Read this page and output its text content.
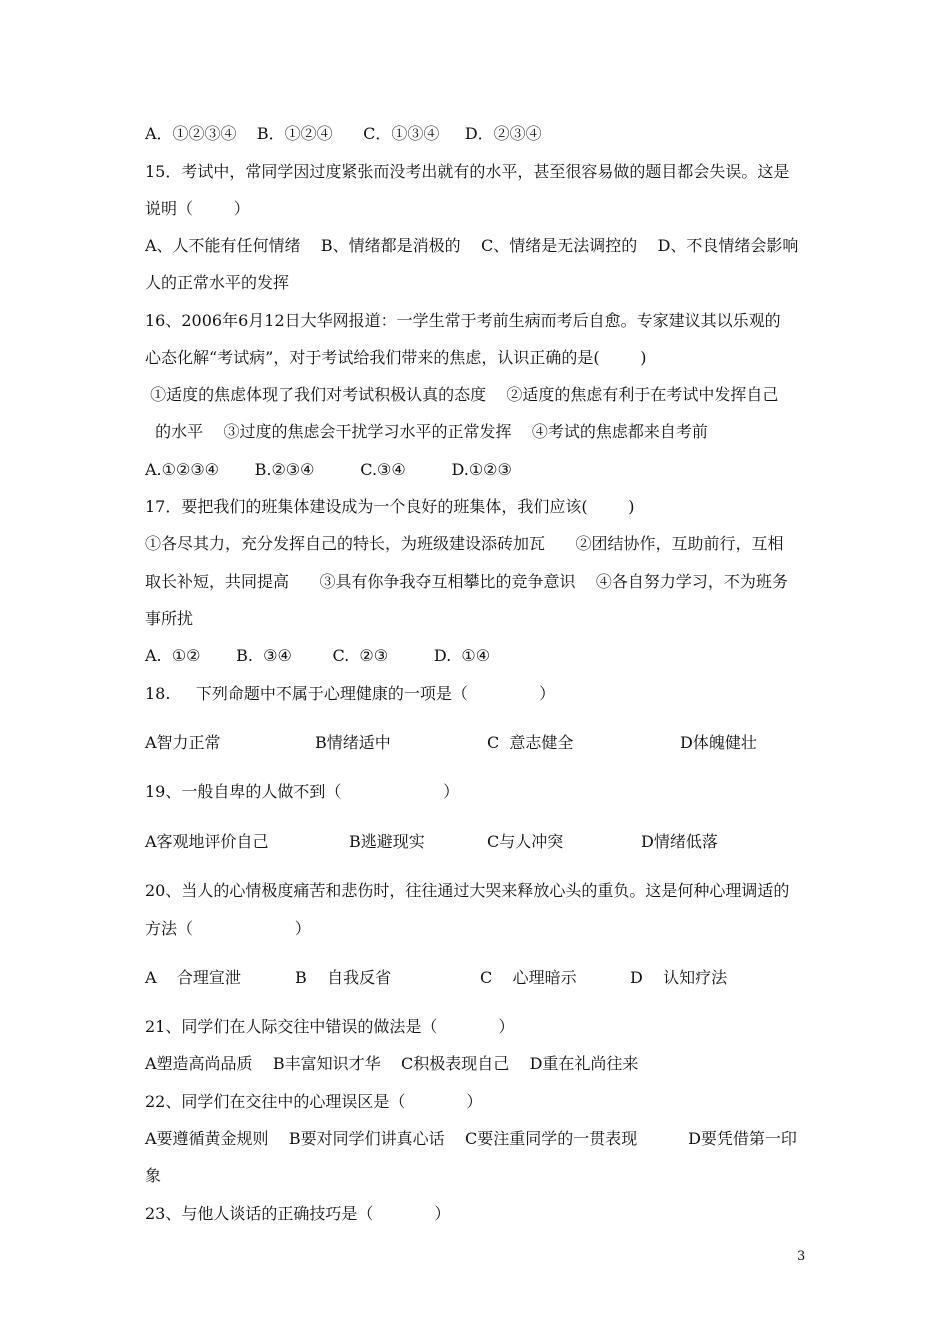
A．①②③④    B．①②④      C．①③④     D．②③④
15．考试中，常同学因过度紧张而没考出就有的水平，甚至很容易做的题目都会失误。这是
说明（        ）
A、人不能有任何情绪    B、情绪都是消极的    C、情绪是无法调控的    D、不良情绪会影响
人的正常水平的发挥
16、2006年6月12日大华网报道：一学生常于考前生病而考后自愈。专家建议其以乐观的
心态化解“考试病”，对于考试给我们带来的焦虑，认识正确的是(        )
①适度的焦虑体现了我们对考试积极认真的态度    ②适度的焦虑有利于在考试中发挥自己
的水平    ③过度的焦虑会干扰学习水平的正常发挥    ④考试的焦虑都来自考前
A.①②③④       B.②③④         C.③④         D.①②③
17．要把我们的班集体建设成为一个良好的班集体，我们应该(        )
①各尽其力，充分发挥自己的特长，为班级建设添砖加瓦      ②团结协作，互助前行，互相
取长补短，共同提高      ③具有你争我夺互相攀比的竞争意识    ④各自努力学习，不为班务
事所扰
A.  ①②       B.  ③④        C.  ②③         D.  ①④
18.     下列命题中不属于心理健康的一项是（              ）
A智力正常	B情绪适中	C  意志健全	D体魄健壮
19、一般自卑的人做不到（                    ）
A客观地评价自己	B逃避现实	C与人冲突	D情绪低落
20、当人的心情极度痛苦和悲伤时，往往通过大哭来释放心头的重负。这是何种心理调适的
方法（                    ）
A    合理宣泄	B    自我反省	C    心理暗示	D    认知疗法
21、同学们在人际交往中错误的做法是（            ）
A塑造高尚品质    B丰富知识才华    C积极表现自己    D重在礼尚往来
22、同学们在交往中的心理误区是（            ）
A要遵循黄金规则    B要对同学们讲真心话    C要注重同学的一贯表现          D要凭借第一印
象
23、与他人谈话的正确技巧是（            ）
3
